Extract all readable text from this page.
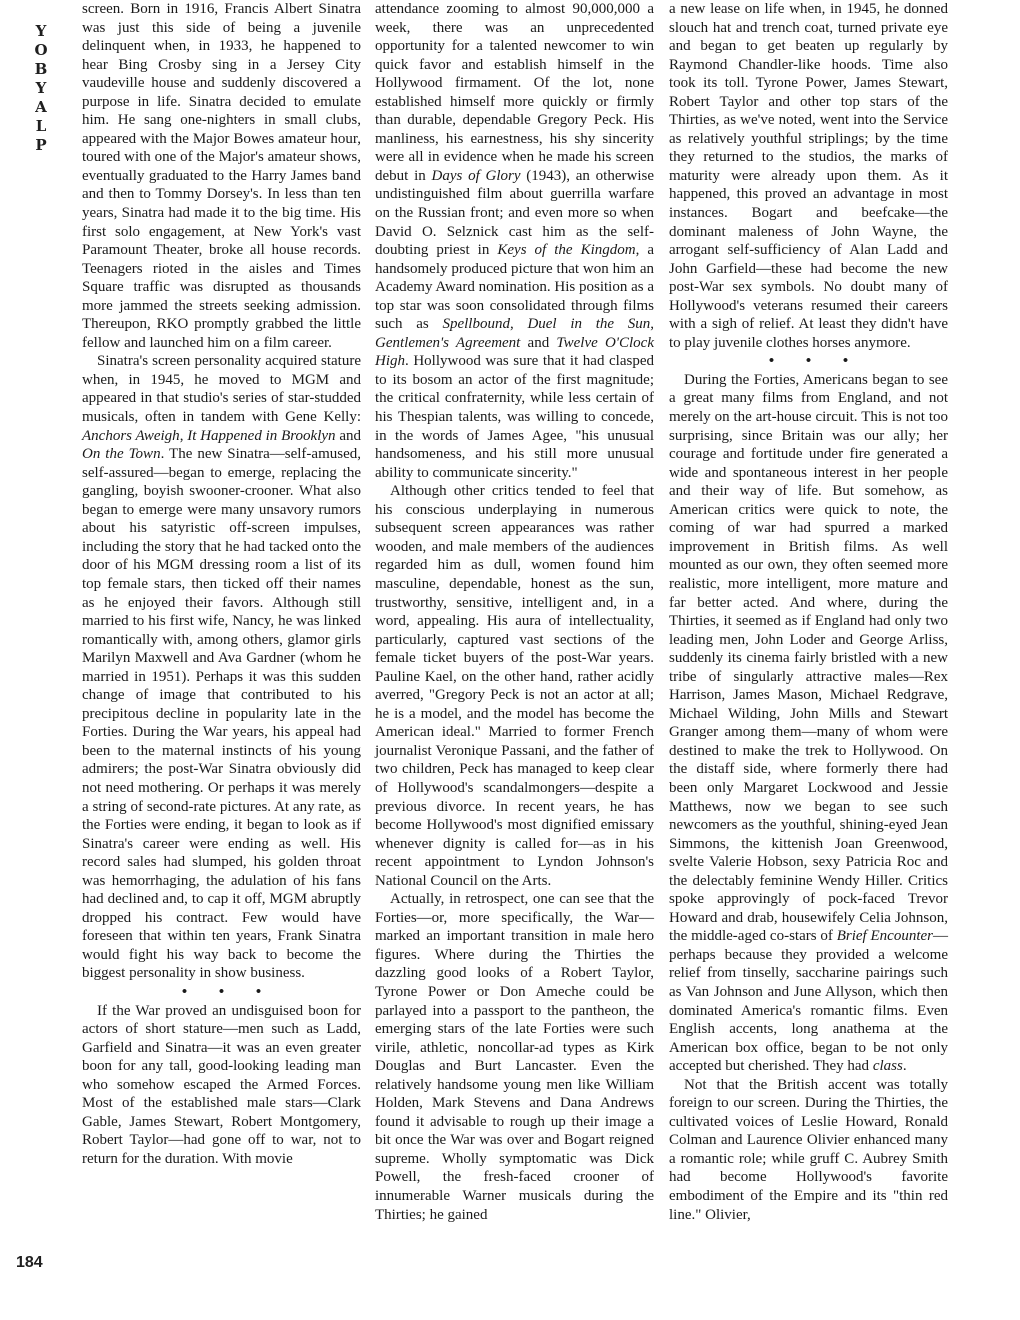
Y
O
B
Y
A
L
P
184

screen. Born in 1916, Francis Albert Sinatra was just this side of being a juvenile delinquent when, in 1933, he happened to hear Bing Crosby sing in a Jersey City vaudeville house and suddenly discovered a purpose in life. Sinatra decided to emulate him. He sang one-nighters in small clubs, appeared with the Major Bowes amateur hour, toured with one of the Major's amateur shows, eventually graduated to the Harry James band and then to Tommy Dorsey's. In less than ten years, Sinatra had made it to the big time. His first solo engagement, at New York's vast Paramount Theater, broke all house records. Teenagers rioted in the aisles and Times Square traffic was disrupted as thousands more jammed the streets seeking admission. Thereupon, RKO promptly grabbed the little fellow and launched him on a film career.

Sinatra's screen personality acquired stature when, in 1945, he moved to MGM and appeared in that studio's series of star-studded musicals, often in tandem with Gene Kelly: Anchors Aweigh, It Happened in Brooklyn and On the Town. The new Sinatra—self-amused, self-assured—began to emerge, replacing the gangling, boyish swooner-crooner. What also began to emerge were many unsavory rumors about his satyristic off-screen impulses, including the story that he had tacked onto the door of his MGM dressing room a list of its top female stars, then ticked off their names as he enjoyed their favors. Although still married to his first wife, Nancy, he was linked romantically with, among others, glamor girls Marilyn Maxwell and Ava Gardner (whom he married in 1951). Perhaps it was this sudden change of image that contributed to his precipitous decline in popularity late in the Forties. During the War years, his appeal had been to the maternal instincts of his young admirers; the post-War Sinatra obviously did not need mothering. Or perhaps it was merely a string of second-rate pictures. At any rate, as the Forties were ending, it began to look as if Sinatra's career were ending as well. His record sales had slumped, his golden throat was hemorrhaging, the adulation of his fans had declined and, to cap it off, MGM abruptly dropped his contract. Few would have foreseen that within ten years, Frank Sinatra would fight his way back to become the biggest personality in show business.

• • •

If the War proved an undisguised boon for actors of short stature—men such as Ladd, Garfield and Sinatra—it was an even greater boon for any tall, good-looking leading man who somehow escaped the Armed Forces. Most of the established male stars—Clark Gable, James Stewart, Robert Montgomery, Robert Taylor—had gone off to war, not to return for the duration. With movie

attendance zooming to almost 90,000,000 a week, there was an unprecedented opportunity for a talented newcomer to win quick favor and establish himself in the Hollywood firmament. Of the lot, none established himself more quickly or firmly than durable, dependable Gregory Peck. His manliness, his earnestness, his shy sincerity were all in evidence when he made his screen debut in Days of Glory (1943), an otherwise undistinguished film about guerrilla warfare on the Russian front; and even more so when David O. Selznick cast him as the self-doubting priest in Keys of the Kingdom, a handsomely produced picture that won him an Academy Award nomination. His position as a top star was soon consolidated through films such as Spellbound, Duel in the Sun, Gentlemen's Agreement and Twelve O'Clock High. Hollywood was sure that it had clasped to its bosom an actor of the first magnitude; the critical confraternity, while less certain of his Thespian talents, was willing to concede, in the words of James Agee, "his unusual handsomeness, and his still more unusual ability to communicate sincerity."

Although other critics tended to feel that his conscious underplaying in numerous subsequent screen appearances was rather wooden, and male members of the audiences regarded him as dull, women found him masculine, dependable, honest as the sun, trustworthy, sensitive, intelligent and, in a word, appealing. His aura of intellectuality, particularly, captured vast sections of the female ticket buyers of the post-War years. Pauline Kael, on the other hand, rather acidly averred, "Gregory Peck is not an actor at all; he is a model, and the model has become the American ideal." Married to former French journalist Veronique Passani, and the father of two children, Peck has managed to keep clear of Hollywood's scandalmongers—despite a previous divorce. In recent years, he has become Hollywood's most dignified emissary whenever dignity is called for—as in his recent appointment to Lyndon Johnson's National Council on the Arts.

Actually, in retrospect, one can see that the Forties—or, more specifically, the War—marked an important transition in male hero figures. Where during the Thirties the dazzling good looks of a Robert Taylor, Tyrone Power or Don Ameche could be parlayed into a passport to the pantheon, the emerging stars of the late Forties were such virile, athletic, noncollar-ad types as Kirk Douglas and Burt Lancaster. Even the relatively handsome young men like William Holden, Mark Stevens and Dana Andrews found it advisable to rough up their image a bit once the War was over and Bogart reigned supreme. Wholly symptomatic was Dick Powell, the fresh-faced crooner of innumerable Warner musicals during the Thirties; he gained

a new lease on life when, in 1945, he donned slouch hat and trench coat, turned private eye and began to get beaten up regularly by Raymond Chandler-like hoods. Time also took its toll. Tyrone Power, James Stewart, Robert Taylor and other top stars of the Thirties, as we've noted, went into the Service as relatively youthful striplings; by the time they returned to the studios, the marks of maturity were already upon them. As it happened, this proved an advantage in most instances. Bogart and beefcake—the dominant maleness of John Wayne, the arrogant self-sufficiency of Alan Ladd and John Garfield—these had become the new post-War sex symbols. No doubt many of Hollywood's veterans resumed their careers with a sigh of relief. At least they didn't have to play juvenile clothes horses anymore.

• • •

During the Forties, Americans began to see a great many films from England, and not merely on the art-house circuit. This is not too surprising, since Britain was our ally; her courage and fortitude under fire generated a wide and spontaneous interest in her people and their way of life. But somehow, as American critics were quick to note, the coming of war had spurred a marked improvement in British films. As well mounted as our own, they often seemed more realistic, more intelligent, more mature and far better acted. And where, during the Thirties, it seemed as if England had only two leading men, John Loder and George Arliss, suddenly its cinema fairly bristled with a new tribe of singularly attractive males—Rex Harrison, James Mason, Michael Redgrave, Michael Wilding, John Mills and Stewart Granger among them—many of whom were destined to make the trek to Hollywood. On the distaff side, where formerly there had been only Margaret Lockwood and Jessie Matthews, now we began to see such newcomers as the youthful, shining-eyed Jean Simmons, the kittenish Joan Greenwood, svelte Valerie Hobson, sexy Patricia Roc and the delectably feminine Wendy Hiller. Critics spoke approvingly of pock-faced Trevor Howard and drab, housewifely Celia Johnson, the middle-aged co-stars of Brief Encounter—perhaps because they provided a welcome relief from tinselly, saccharine pairings such as Van Johnson and June Allyson, which then dominated America's romantic films. Even English accents, long anathema at the American box office, began to be not only accepted but cherished. They had class.

Not that the British accent was totally foreign to our screen. During the Thirties, the cultivated voices of Leslie Howard, Ronald Colman and Laurence Olivier enhanced many a romantic role; while gruff C. Aubrey Smith had become Hollywood's favorite embodiment of the Empire and its "thin red line." Olivier,
